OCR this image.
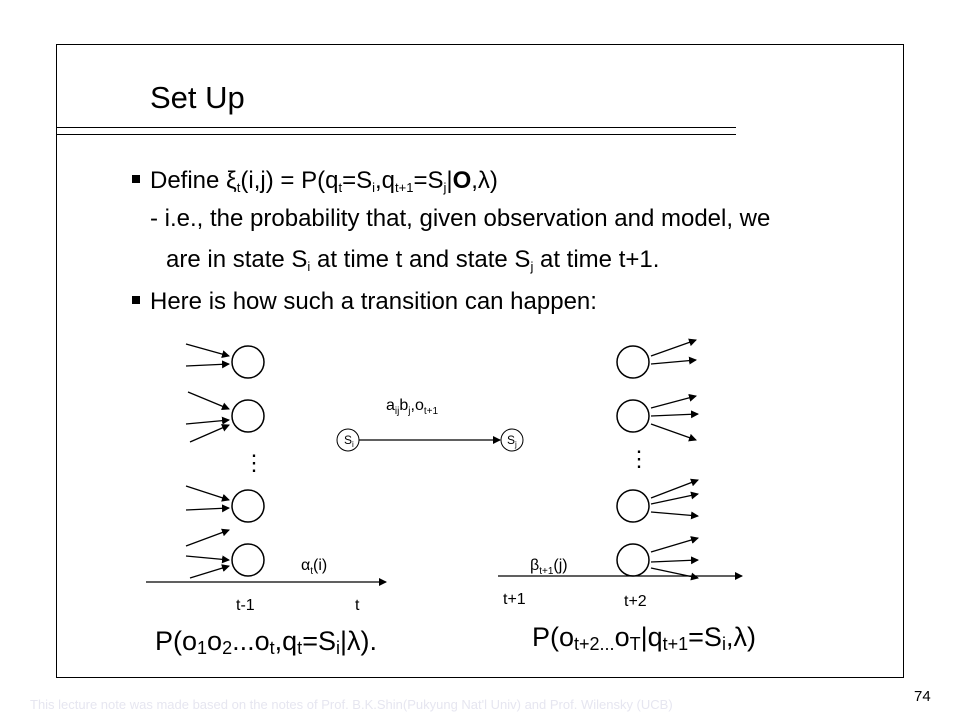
Set Up
Define $\xi_t(i,j) = P(q_t=S_i,q_{t+1}=S_j|O,\lambda)$
- i.e., the probability that, given observation and model, we
are in state $S_i$ at time t and state $S_j$ at time t+1.
Here is how such a transition can happen:
⋮	⋮
$S_i$	$S_j$
$a_{ij}b_j,o_{t+1}$
$\alpha_t(i)$	$\beta_{t+1}(j)$
t-1	t	t+1	t+2
$P(o_1o_2...o_t,q_t=S_i|\lambda)$.	$P(o_{t+2...}o_T|q_{t+1}=S_i,\lambda)$
This lecture note was made based on the notes of Prof. B.K.Shin(Pukyung Nat'l Univ) and Prof. Wilensky (UCB)	74
